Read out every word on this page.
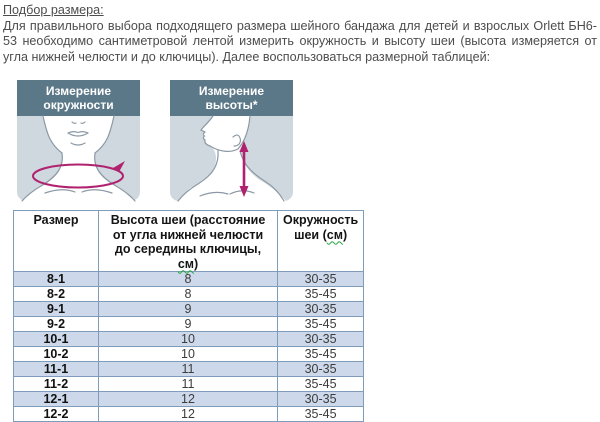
Подбор размера:
Для правильного выбора подходящего размера шейного бандажа для детей и взрослых Orlett БН6-53 необходимо сантиметровой лентой измерить окружность и высоту шеи (высота измеряется от угла нижней челюсти и до ключицы). Далее воспользоваться размерной таблицей:
Измерение
окружности
Измерение
высоты*
Размер	Высота шеи (расстояние от угла нижней челюсти до середины ключицы, см)	Окружность шеи (см)
8-1	8	30-35
8-2	8	35-45
9-1	9	30-35
9-2	9	35-45
10-1	10	30-35
10-2	10	35-45
11-1	11	30-35
11-2	11	35-45
12-1	12	30-35
12-2	12	35-45
